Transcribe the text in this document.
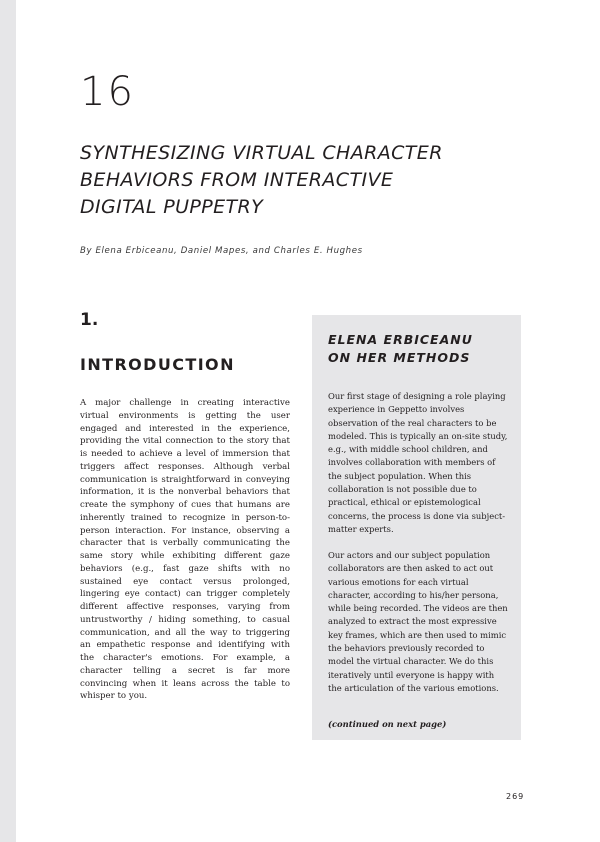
16
SYNTHESIZING VIRTUAL CHARACTER
BEHAVIORS FROM INTERACTIVE
DIGITAL PUPPETRY
By Elena Erbiceanu, Daniel Mapes, and Charles E. Hughes
1.
INTRODUCTION

A major challenge in creating interactive virtual environments is getting the user engaged and interested in the experience, providing the vital connection to the story that is needed to achieve a level of immersion that triggers affect responses. Although verbal communication is straightforward in conveying information, it is the nonverbal behaviors that create the symphony of cues that humans are inherently trained to recognize in person-to-person interaction. For instance, observing a character that is verbally communicating the same story while exhibiting different gaze behaviors (e.g., fast gaze shifts with no sustained eye contact versus prolonged, lingering eye contact) can trigger completely different affective responses, varying from untrustworthy / hiding something, to casual communication, and all the way to triggering an empathetic response and identifying with the character's emotions. For example, a character telling a secret is far more convincing when it leans across the table to whisper to you.

ELENA ERBICEANU
ON HER METHODS

Our first stage of designing a role playing experience in Geppetto involves observation of the real characters to be modeled. This is typically an on-site study, e.g., with middle school children, and involves collaboration with members of the subject population. When this collaboration is not possible due to practical, ethical or epistemological concerns, the process is done via subject-matter experts.

Our actors and our subject population collaborators are then asked to act out various emotions for each virtual character, according to his/her persona, while being recorded. The videos are then analyzed to extract the most expressive key frames, which are then used to mimic the behaviors previously recorded to model the virtual character. We do this iteratively until everyone is happy with the articulation of the various emotions.

(continued on next page)
269
